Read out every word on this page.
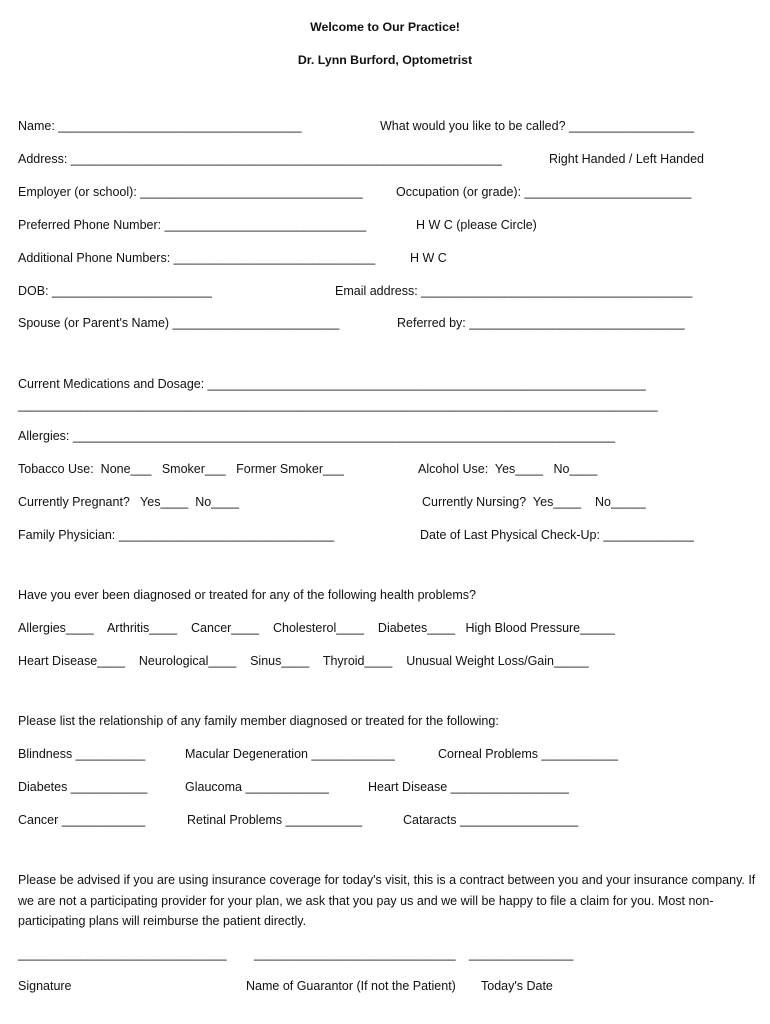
Welcome to Our Practice!
Dr. Lynn Burford, Optometrist
Name: ___________________________________	What would you like to be called? __________________
Address: ______________________________________________________________	Right Handed / Left Handed
Employer (or school): ________________________________	Occupation (or grade): ________________________
Preferred Phone Number: _____________________________	H W C (please Circle)
Additional Phone Numbers: _____________________________	H W C
DOB: _______________________	Email address: _______________________________________
Spouse (or Parent's Name) ________________________	Referred by: _______________________________
Current Medications and Dosage: _______________________________________________________________
____________________________________________________________________________________________
Allergies: ______________________________________________________________________________
Tobacco Use:  None___   Smoker___   Former Smoker___	Alcohol Use:  Yes____   No____
Currently Pregnant?   Yes____  No____	Currently Nursing?  Yes____    No_____
Family Physician: _______________________________	Date of Last Physical Check-Up: _____________
Have you ever been diagnosed or treated for any of the following health problems?
Allergies____    Arthritis____    Cancer____    Cholesterol____    Diabetes____   High Blood Pressure_____
Heart Disease____    Neurological____    Sinus____    Thyroid____    Unusual Weight Loss/Gain_____
Please list the relationship of any family member diagnosed or treated for the following:
Blindness __________	Macular Degeneration ____________	Corneal Problems ___________
Diabetes ___________	Glaucoma ____________	Heart Disease _________________
Cancer ____________	Retinal Problems ___________	Cataracts _________________
Please be advised if you are using insurance coverage for today's visit, this is a contract between you and your insurance company. If we are not a participating provider for your plan, we ask that you pay us and we will be happy to file a claim for you. Most non-participating plans will reimburse the patient directly.
______________________________ _____________________________ _______________
Signature	Name of Guarantor (If not the Patient) Today's Date
